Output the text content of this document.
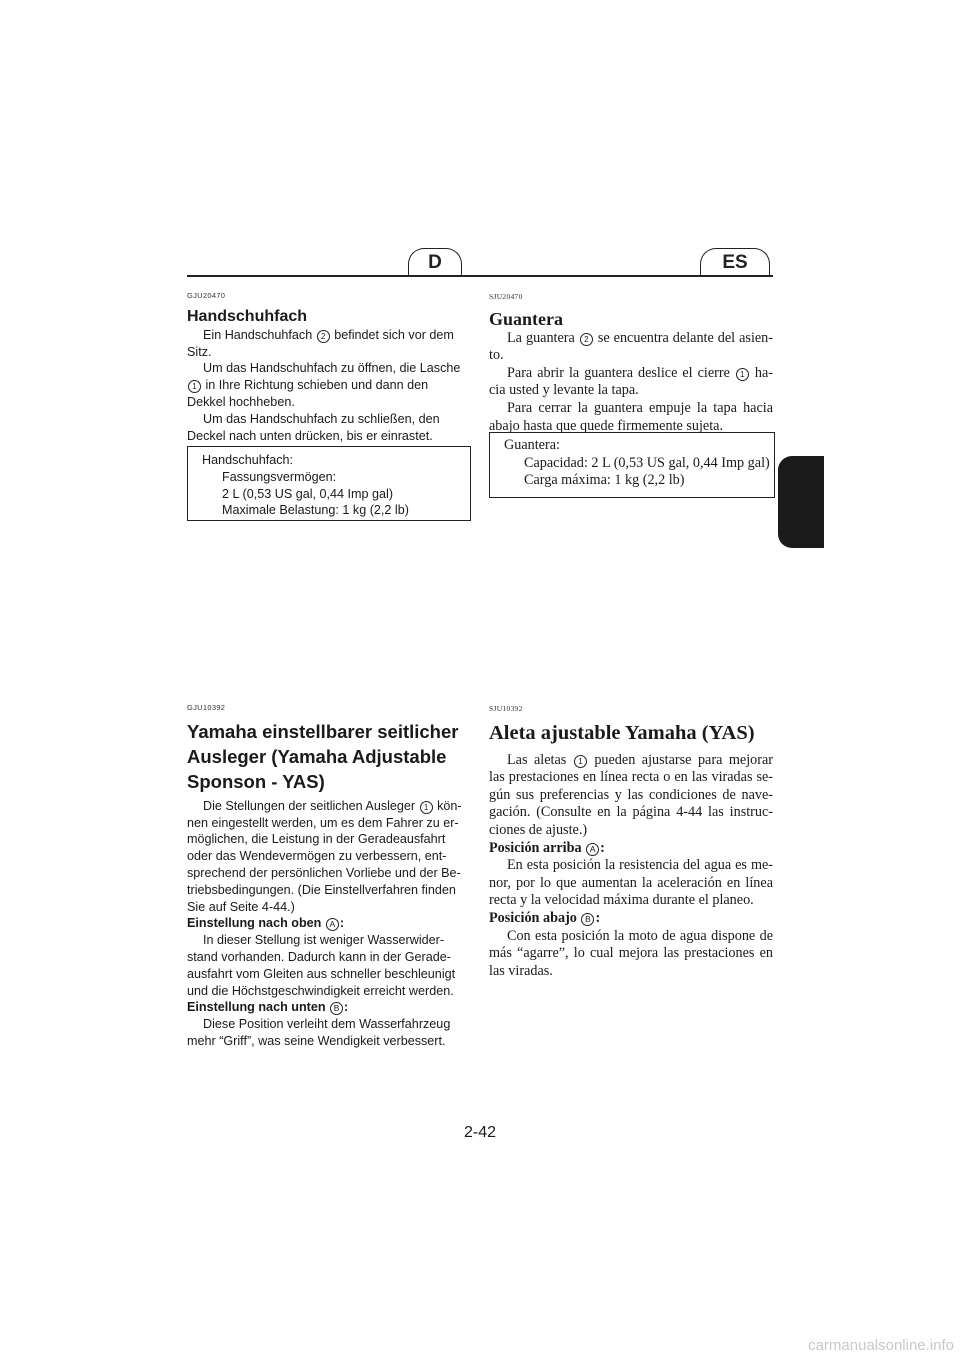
D	ES
GJU20470
Handschuhfach

Ein Handschuhfach 2 befindet sich vor dem Sitz.

Um das Handschuhfach zu öffnen, die Lasche 1 in Ihre Richtung schieben und dann den Dekkel hochheben.

Um das Handschuhfach zu schließen, den Deckel nach unten drücken, bis er einrastet.

Handschuhfach:
Fassungsvermögen:
2 L (0,53 US gal, 0,44 Imp gal)
Maximale Belastung: 1 kg (2,2 lb)
SJU20470
Guantera

La guantera 2 se encuentra delante del asien-to.

Para abrir la guantera deslice el cierre 1 ha-cia usted y levante la tapa.

Para cerrar la guantera empuje la tapa hacia abajo hasta que quede firmemente sujeta.

Guantera:
Capacidad: 2 L (0,53 US gal, 0,44 Imp gal)
Carga máxima: 1 kg (2,2 lb)
GJU10392
Yamaha einstellbarer seitlicher Ausleger (Yamaha Adjustable Sponson - YAS)

Die Stellungen der seitlichen Ausleger 1 kön-nen eingestellt werden, um es dem Fahrer zu er-möglichen, die Leistung in der Geradeausfahrt oder das Wendevermögen zu verbessern, ent-sprechend der persönlichen Vorliebe und der Be-triebsbedingungen. (Die Einstellverfahren finden Sie auf Seite 4-44.)

Einstellung nach oben A :

In dieser Stellung ist weniger Wasserwider-stand vorhanden. Dadurch kann in der Gerade-ausfahrt vom Gleiten aus schneller beschleunigt und die Höchstgeschwindigkeit erreicht werden.

Einstellung nach unten B :

Diese Position verleiht dem Wasserfahrzeug mehr “Griff”, was seine Wendigkeit verbessert.

SJU10392
Aleta ajustable Yamaha (YAS)

Las aletas 1 pueden ajustarse para mejorar las prestaciones en línea recta o en las viradas se-gún sus preferencias y las condiciones de nave-gación. (Consulte en la página 4-44 las instruc-ciones de ajuste.)

Posición arriba A :

En esta posición la resistencia del agua es me-nor, por lo que aumentan la aceleración en línea recta y la velocidad máxima durante el planeo.

Posición abajo B :

Con esta posición la moto de agua dispone de más “agarre”, lo cual mejora las prestaciones en las viradas.

2-42
carmanualsonline.info
